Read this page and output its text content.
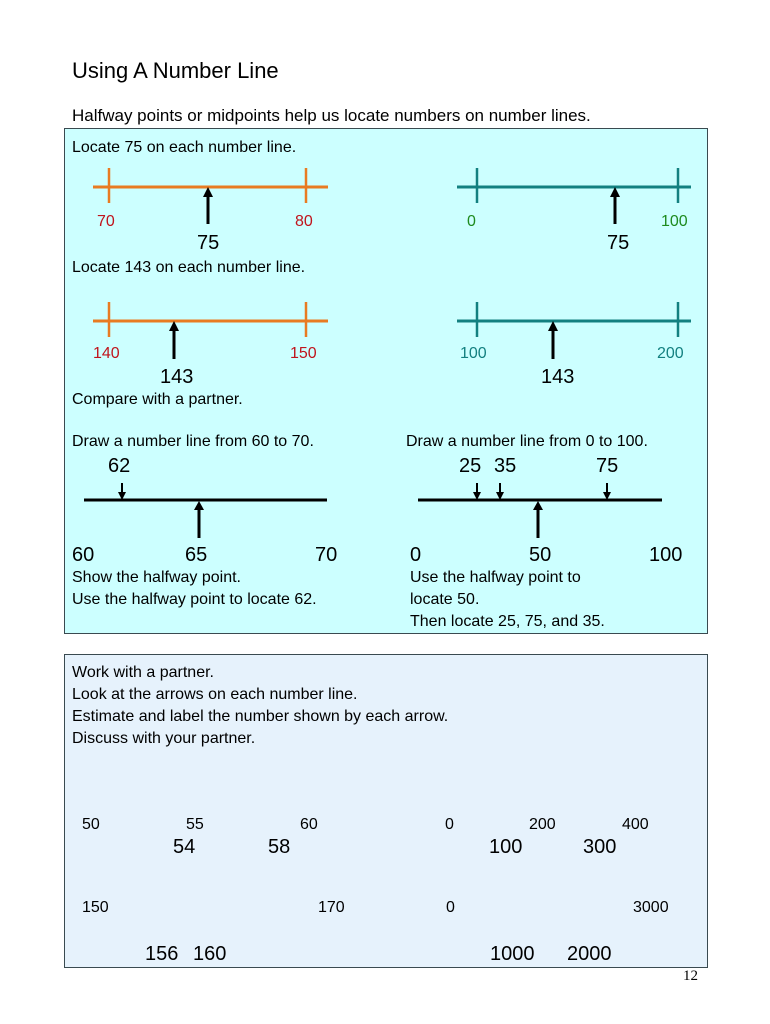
Using A Number Line
Halfway points or midpoints help us locate numbers on number lines.
Locate 75 on each number line.
Locate 143 on each number line.
Compare with a partner.
70	80
75
0	100
75
140	150
143
100	200
143
Draw a number line from 60 to 70.
62
60	65	70
Show the halfway point.
Use the halfway point to locate 62.
Draw a number line from 0 to 100.
25 35	75
0	50	100
Use the halfway point to
locate 50.
Then locate 25, 75, and 35.
Work with a partner.
Look at the arrows on each number line.
Estimate and label the number shown by each arrow.
Discuss with your partner.
50	55	60
54	58
0	200	400
100	300
150	170
156 160
0	3000
1000 2000
12
